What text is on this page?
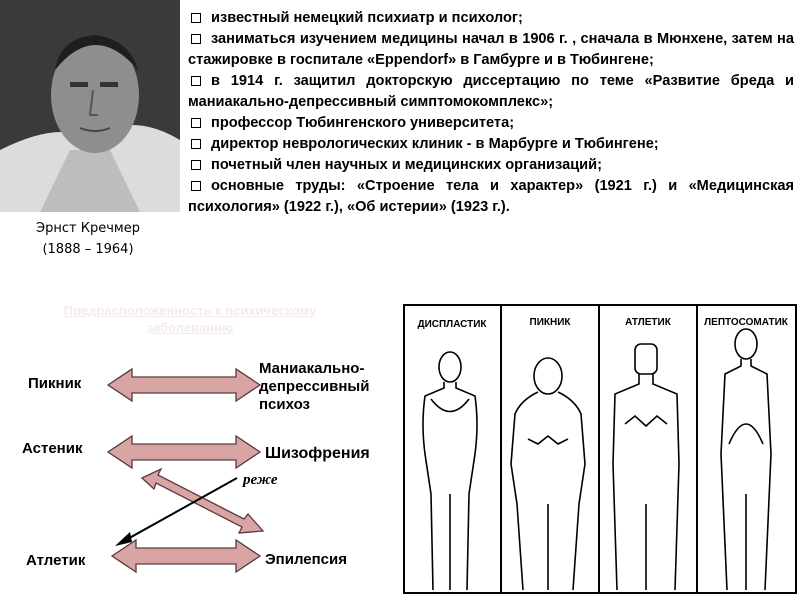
Эрнст Кречмер
(1888 – 1964)
известный немецкий психиатр и психолог;
заниматься изучением медицины начал в 1906 г. , сначала в Мюнхене, затем на стажировке в госпитале «Eppendorf» в Гамбурге и в Тюбингене;
в 1914 г. защитил докторскую диссертацию по теме «Развитие бреда и маниакально-депрессивный симптомокомплекс»;
профессор Тюбингенского университета;
директор неврологических клиник - в Марбурге и Тюбингене;
почетный член научных и медицинских организаций;
основные труды: «Строение тела и характер» (1921 г.) и «Медицинская психология» (1922 г.), «Об истерии» (1923 г.).
Предрасположенность к психическому заболеванию
Пикник
Астеник
Атлетик
Маниакально-депрессивный психоз
Шизофрения
Эпилепсия
реже
ДИСПЛАСТИК	ПИКНИК	АТЛЕТИК	ЛЕПТОСОМАТИК
